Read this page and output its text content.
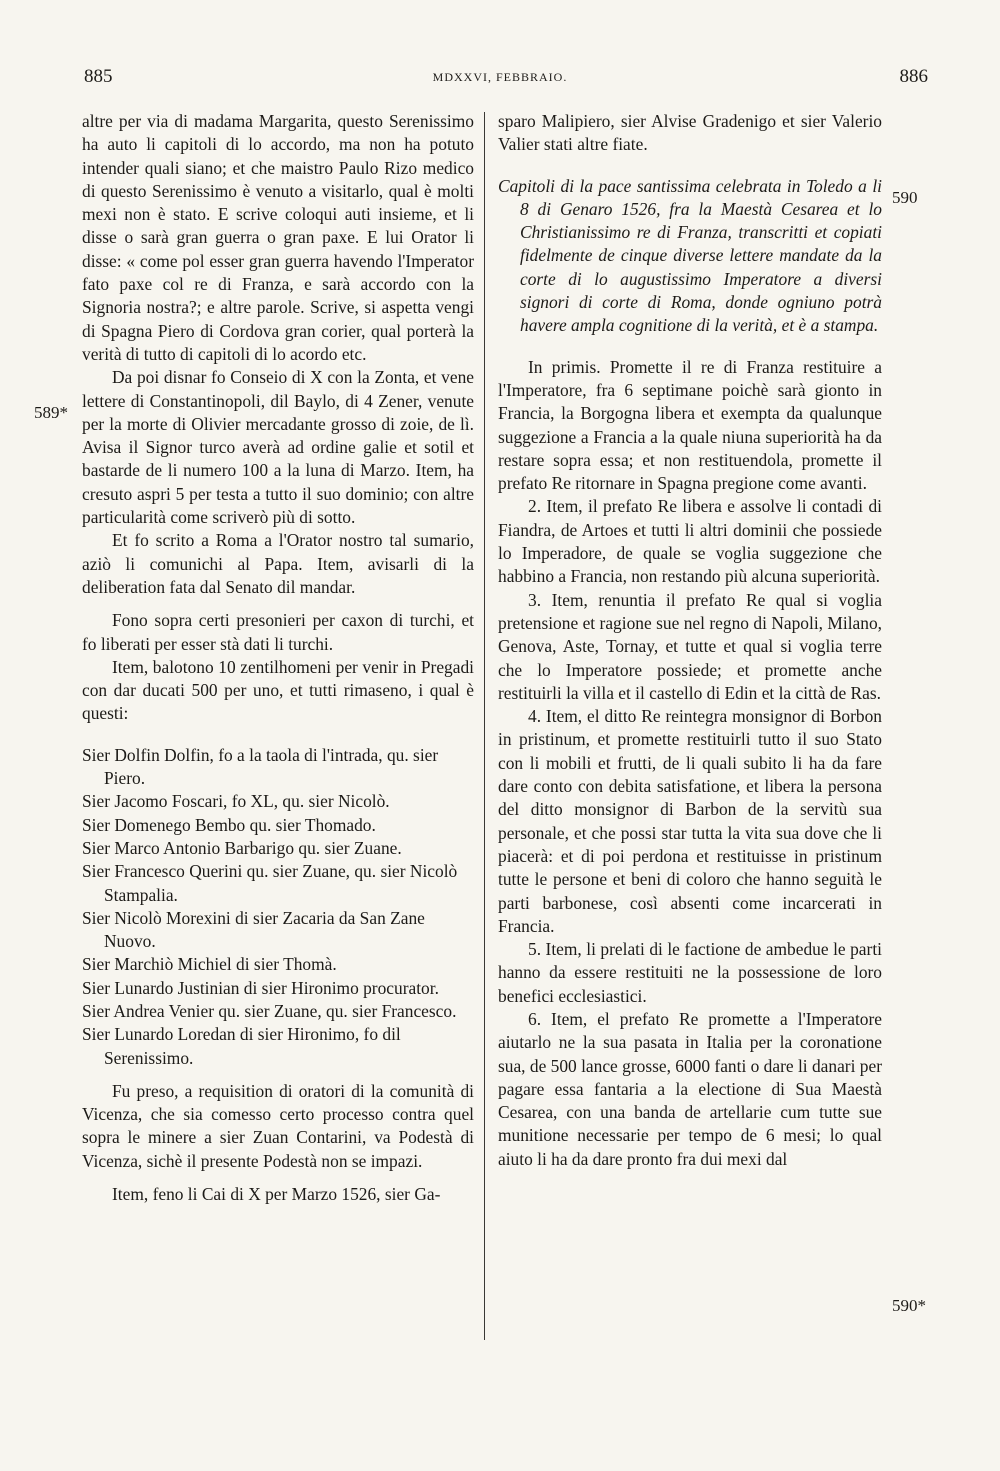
885	MDXXVI, FEBBRAIO.	886
589*
590
590*

altre per via di madama Margarita, questo Serenissimo ha auto li capitoli di lo accordo, ma non ha potuto intender quali siano; et che maistro Paulo Rizo medico di questo Serenissimo è venuto a visitarlo, qual è molti mexi non è stato. E scrive coloqui auti insieme, et li disse o sarà gran guerra o gran paxe. E lui Orator li disse: « come pol esser gran guerra havendo l'Imperator fato paxe col re di Franza, e sarà accordo con la Signoria nostra?; e altre parole. Scrive, si aspetta vengi di Spagna Piero di Cordova gran corier, qual porterà la verità di tutto di capitoli di lo acordo etc.

Da poi disnar fo Conseio di X con la Zonta, et vene lettere di Constantinopoli, dil Baylo, di 4 Zener, venute per la morte di Olivier mercadante grosso di zoie, de lì. Avisa il Signor turco averà ad ordine galie et sotil et bastarde de li numero 100 a la luna di Marzo. Item, ha cresuto aspri 5 per testa a tutto il suo dominio; con altre particularità come scriverò più di sotto.

Et fo scrito a Roma a l'Orator nostro tal sumario, aziò li comunichi al Papa. Item, avisarli di la deliberation fata dal Senato dil mandar.

Fono sopra certi presonieri per caxon di turchi, et fo liberati per esser stà dati li turchi.

Item, balotono 10 zentilhomeni per venir in Pregadi con dar ducati 500 per uno, et tutti rimaseno, i qual è questi:

Sier Dolfin Dolfin, fo a la taola di l'intrada, qu. sier Piero.

Sier Jacomo Foscari, fo XL, qu. sier Nicolò.

Sier Domenego Bembo qu. sier Thomado.

Sier Marco Antonio Barbarigo qu. sier Zuane.

Sier Francesco Querini qu. sier Zuane, qu. sier Nicolò Stampalia.

Sier Nicolò Morexini di sier Zacaria da San Zane Nuovo.

Sier Marchiò Michiel di sier Thomà.

Sier Lunardo Justinian di sier Hironimo procurator.

Sier Andrea Venier qu. sier Zuane, qu. sier Francesco.

Sier Lunardo Loredan di sier Hironimo, fo dil Serenissimo.

Fu preso, a requisition di oratori di la comunità di Vicenza, che sia comesso certo processo contra quel sopra le minere a sier Zuan Contarini, va Podestà di Vicenza, sichè il presente Podestà non se impazi.

Item, feno li Cai di X per Marzo 1526, sier Ga-

sparo Malipiero, sier Alvise Gradenigo et sier Valerio Valier stati altre fiate.

Capitoli di la pace santissima celebrata in Toledo a li 8 di Genaro 1526, fra la Maestà Cesarea et lo Christianissimo re di Franza, transcritti et copiati fidelmente de cinque diverse lettere mandate da la corte di lo augustissimo Imperatore a diversi signori di corte di Roma, donde ogniuno potrà havere ampla cognitione di la verità, et è a stampa.

In primis. Promette il re di Franza restituire a l'Imperatore, fra 6 septimane poichè sarà gionto in Francia, la Borgogna libera et exempta da qualunque suggezione a Francia a la quale niuna superiorità ha da restare sopra essa; et non restituendola, promette il prefato Re ritornare in Spagna pregione come avanti.

2. Item, il prefato Re libera e assolve li contadi di Fiandra, de Artoes et tutti li altri dominii che possiede lo Imperadore, de quale se voglia suggezione che habbino a Francia, non restando più alcuna superiorità.

3. Item, renuntia il prefato Re qual si voglia pretensione et ragione sue nel regno di Napoli, Milano, Genova, Aste, Tornay, et tutte et qual si voglia terre che lo Imperatore possiede; et promette anche restituirli la villa et il castello di Edin et la città de Ras.

4. Item, el ditto Re reintegra monsignor di Borbon in pristinum, et promette restituirli tutto il suo Stato con li mobili et frutti, de li quali subito li ha da fare dare conto con debita satisfatione, et libera la persona del ditto monsignor di Barbon de la servitù sua personale, et che possi star tutta la vita sua dove che li piacerà: et di poi perdona et restituisse in pristinum tutte le persone et beni di coloro che hanno seguità le parti barbonese, così absenti come incarcerati in Francia.

5. Item, li prelati di le factione de ambedue le parti hanno da essere restituiti ne la possessione de loro benefici ecclesiastici.

6. Item, el prefato Re promette a l'Imperatore aiutarlo ne la sua pasata in Italia per la coronatione sua, de 500 lance grosse, 6000 fanti o dare li danari per pagare essa fantaria a la electione di Sua Maestà Cesarea, con una banda de artellarie cum tutte sue munitione necessarie per tempo de 6 mesi; lo qual aiuto li ha da dare pronto fra dui mexi dal
